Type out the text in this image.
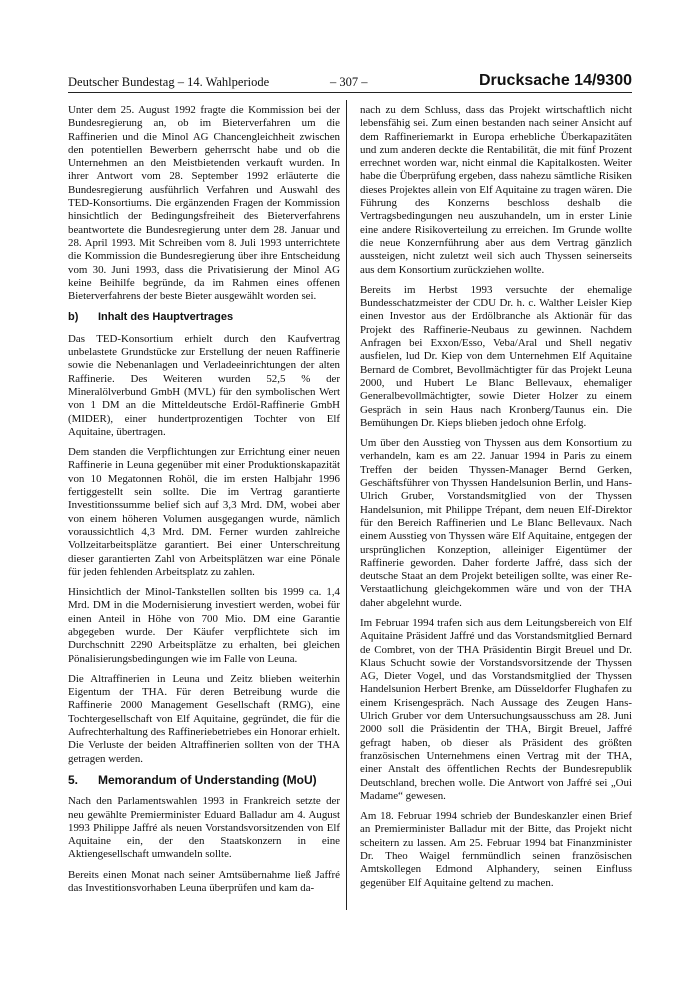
Deutscher Bundestag – 14. Wahlperiode	– 307 –	Drucksache 14/9300

Unter dem 25. August 1992 fragte die Kommission bei der Bundesregierung an, ob im Bieterverfahren um die Raffinerien und die Minol AG Chancengleichheit zwischen den potentiellen Bewerbern geherrscht habe und ob die Unternehmen an den Meistbietenden verkauft wurden. In ihrer Antwort vom 28. September 1992 erläuterte die Bundesregierung ausführlich Verfahren und Auswahl des TED-Konsortiums. Die ergänzenden Fragen der Kommission hinsichtlich der Bedingungsfreiheit des Bieterverfahrens beantwortete die Bundesregierung unter dem 28. Januar und 28. April 1993. Mit Schreiben vom 8. Juli 1993 unterrichtete die Kommission die Bundesregierung über ihre Entscheidung vom 30. Juni 1993, dass die Privatisierung der Minol AG keine Beihilfe begründe, da im Rahmen eines offenen Bieterverfahrens der beste Bieter ausgewählt worden sei.

b) Inhalt des Hauptvertrages

Das TED-Konsortium erhielt durch den Kaufvertrag unbelastete Grundstücke zur Erstellung der neuen Raffinerie sowie die Nebenanlagen und Verladeeinrichtungen der alten Raffinerie. Des Weiteren wurden 52,5 % der Mineralölverbund GmbH (MVL) für den symbolischen Wert von 1 DM an die Mitteldeutsche Erdöl-Raffinerie GmbH (MIDER), einer hundertprozentigen Tochter von Elf Aquitaine, übertragen.

Dem standen die Verpflichtungen zur Errichtung einer neuen Raffinerie in Leuna gegenüber mit einer Produktionskapazität von 10 Megatonnen Rohöl, die im ersten Halbjahr 1996 fertiggestellt sein sollte. Die im Vertrag garantierte Investitionssumme belief sich auf 3,3 Mrd. DM, wobei aber von einem höheren Volumen ausgegangen wurde, nämlich voraussichtlich 4,3 Mrd. DM. Ferner wurden zahlreiche Vollzeitarbeitsplätze garantiert. Bei einer Unterschreitung dieser garantierten Zahl von Arbeitsplätzen war eine Pönale für jeden fehlenden Arbeitsplatz zu zahlen.

Hinsichtlich der Minol-Tankstellen sollten bis 1999 ca. 1,4 Mrd. DM in die Modernisierung investiert werden, wobei für einen Anteil in Höhe von 700 Mio. DM eine Garantie abgegeben wurde. Der Käufer verpflichtete sich im Durchschnitt 2290 Arbeitsplätze zu erhalten, bei gleichen Pönalisierungsbedingungen wie im Falle von Leuna.

Die Altraffinerien in Leuna und Zeitz blieben weiterhin Eigentum der THA. Für deren Betreibung wurde die Raffinerie 2000 Management Gesellschaft (RMG), eine Tochtergesellschaft von Elf Aquitaine, gegründet, die für die Aufrechterhaltung des Raffineriebetriebes ein Honorar erhielt. Die Verluste der beiden Altraffinerien sollten von der THA getragen werden.

5. Memorandum of Understanding (MoU)

Nach den Parlamentswahlen 1993 in Frankreich setzte der neu gewählte Premierminister Eduard Balladur am 4. August 1993 Philippe Jaffré als neuen Vorstandsvorsitzenden von Elf Aquitaine ein, der den Staatskonzern in eine Aktiengesellschaft umwandeln sollte.

Bereits einen Monat nach seiner Amtsübernahme ließ Jaffré das Investitionsvorhaben Leuna überprüfen und kam da-

nach zu dem Schluss, dass das Projekt wirtschaftlich nicht lebensfähig sei. Zum einen bestanden nach seiner Ansicht auf dem Raffineriemarkt in Europa erhebliche Überkapazitäten und zum anderen deckte die Rentabilität, die mit fünf Prozent errechnet worden war, nicht einmal die Kapitalkosten. Weiter habe die Überprüfung ergeben, dass nahezu sämtliche Risiken dieses Projektes allein von Elf Aquitaine zu tragen wären. Die Führung des Konzerns beschloss deshalb die Vertragsbedingungen neu auszuhandeln, um in erster Linie eine andere Risikoverteilung zu erreichen. Im Grunde wollte die neue Konzernführung aber aus dem Vertrag gänzlich aussteigen, nicht zuletzt weil sich auch Thyssen seinerseits aus dem Konsortium zurückziehen wollte.

Bereits im Herbst 1993 versuchte der ehemalige Bundesschatzmeister der CDU Dr. h. c. Walther Leisler Kiep einen Investor aus der Erdölbranche als Aktionär für das Projekt des Raffinerie-Neubaus zu gewinnen. Nachdem Anfragen bei Exxon/Esso, Veba/Aral und Shell negativ ausfielen, lud Dr. Kiep von dem Unternehmen Elf Aquitaine Bernard de Combret, Bevollmächtigter für das Projekt Leuna 2000, und Hubert Le Blanc Bellevaux, ehemaliger Generalbevollmächtigter, sowie Dieter Holzer zu einem Gespräch in sein Haus nach Kronberg/Taunus ein. Die Bemühungen Dr. Kieps blieben jedoch ohne Erfolg.

Um über den Ausstieg von Thyssen aus dem Konsortium zu verhandeln, kam es am 22. Januar 1994 in Paris zu einem Treffen der beiden Thyssen-Manager Bernd Gerken, Geschäftsführer von Thyssen Handelsunion Berlin, und Hans-Ulrich Gruber, Vorstandsmitglied von der Thyssen Handelsunion, mit Philippe Trépant, dem neuen Elf-Direktor für den Bereich Raffinerien und Le Blanc Bellevaux. Nach einem Ausstieg von Thyssen wäre Elf Aquitaine, entgegen der ursprünglichen Konzeption, alleiniger Eigentümer der Raffinerie geworden. Daher forderte Jaffré, dass sich der deutsche Staat an dem Projekt beteiligen sollte, was einer Re-Verstaatlichung gleichgekommen wäre und von der THA daher abgelehnt wurde.

Im Februar 1994 trafen sich aus dem Leitungsbereich von Elf Aquitaine Präsident Jaffré und das Vorstandsmitglied Bernard de Combret, von der THA Präsidentin Birgit Breuel und Dr. Klaus Schucht sowie der Vorstandsvorsitzende der Thyssen AG, Dieter Vogel, und das Vorstandsmitglied der Thyssen Handelsunion Herbert Brenke, am Düsseldorfer Flughafen zu einem Krisengespräch. Nach Aussage des Zeugen Hans-Ulrich Gruber vor dem Untersuchungsausschuss am 28. Juni 2000 soll die Präsidentin der THA, Birgit Breuel, Jaffré gefragt haben, ob dieser als Präsident des größten französischen Unternehmens einen Vertrag mit der THA, einer Anstalt des öffentlichen Rechts der Bundesrepublik Deutschland, brechen wolle. Die Antwort von Jaffré sei „Oui Madame“ gewesen.

Am 18. Februar 1994 schrieb der Bundeskanzler einen Brief an Premierminister Balladur mit der Bitte, das Projekt nicht scheitern zu lassen. Am 25. Februar 1994 bat Finanzminister Dr. Theo Waigel fernmündlich seinen französischen Amtskollegen Edmond Alphandery, seinen Einfluss gegenüber Elf Aquitaine geltend zu machen.
